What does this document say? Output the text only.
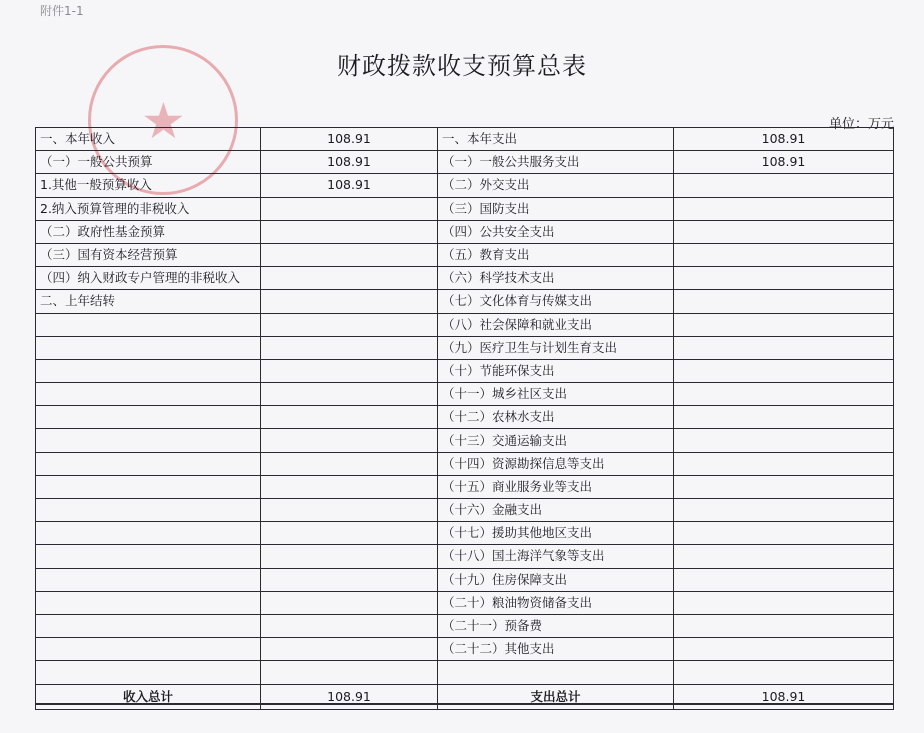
附件1-1
★
财政拨款收支预算总表
单位：万元
一、本年收入	108.91	一、本年支出	108.91
（一）一般公共预算	108.91	（一）一般公共服务支出	108.91
1.其他一般预算收入	108.91	（二）外交支出	
2.纳入预算管理的非税收入		（三）国防支出	
（二）政府性基金预算		（四）公共安全支出	
（三）国有资本经营预算		（五）教育支出	
（四）纳入财政专户管理的非税收入		（六）科学技术支出	
二、上年结转		（七）文化体育与传媒支出	
		（八）社会保障和就业支出	
		（九）医疗卫生与计划生育支出	
		（十）节能环保支出	
		（十一）城乡社区支出	
		（十二）农林水支出	
		（十三）交通运输支出	
		（十四）资源勘探信息等支出	
		（十五）商业服务业等支出	
		（十六）金融支出	
		（十七）援助其他地区支出	
		（十八）国土海洋气象等支出	
		（十九）住房保障支出	
		（二十）粮油物资储备支出	
		（二十一）预备费	
		（二十二）其他支出	

收入总计	108.91	支出总计	108.91
